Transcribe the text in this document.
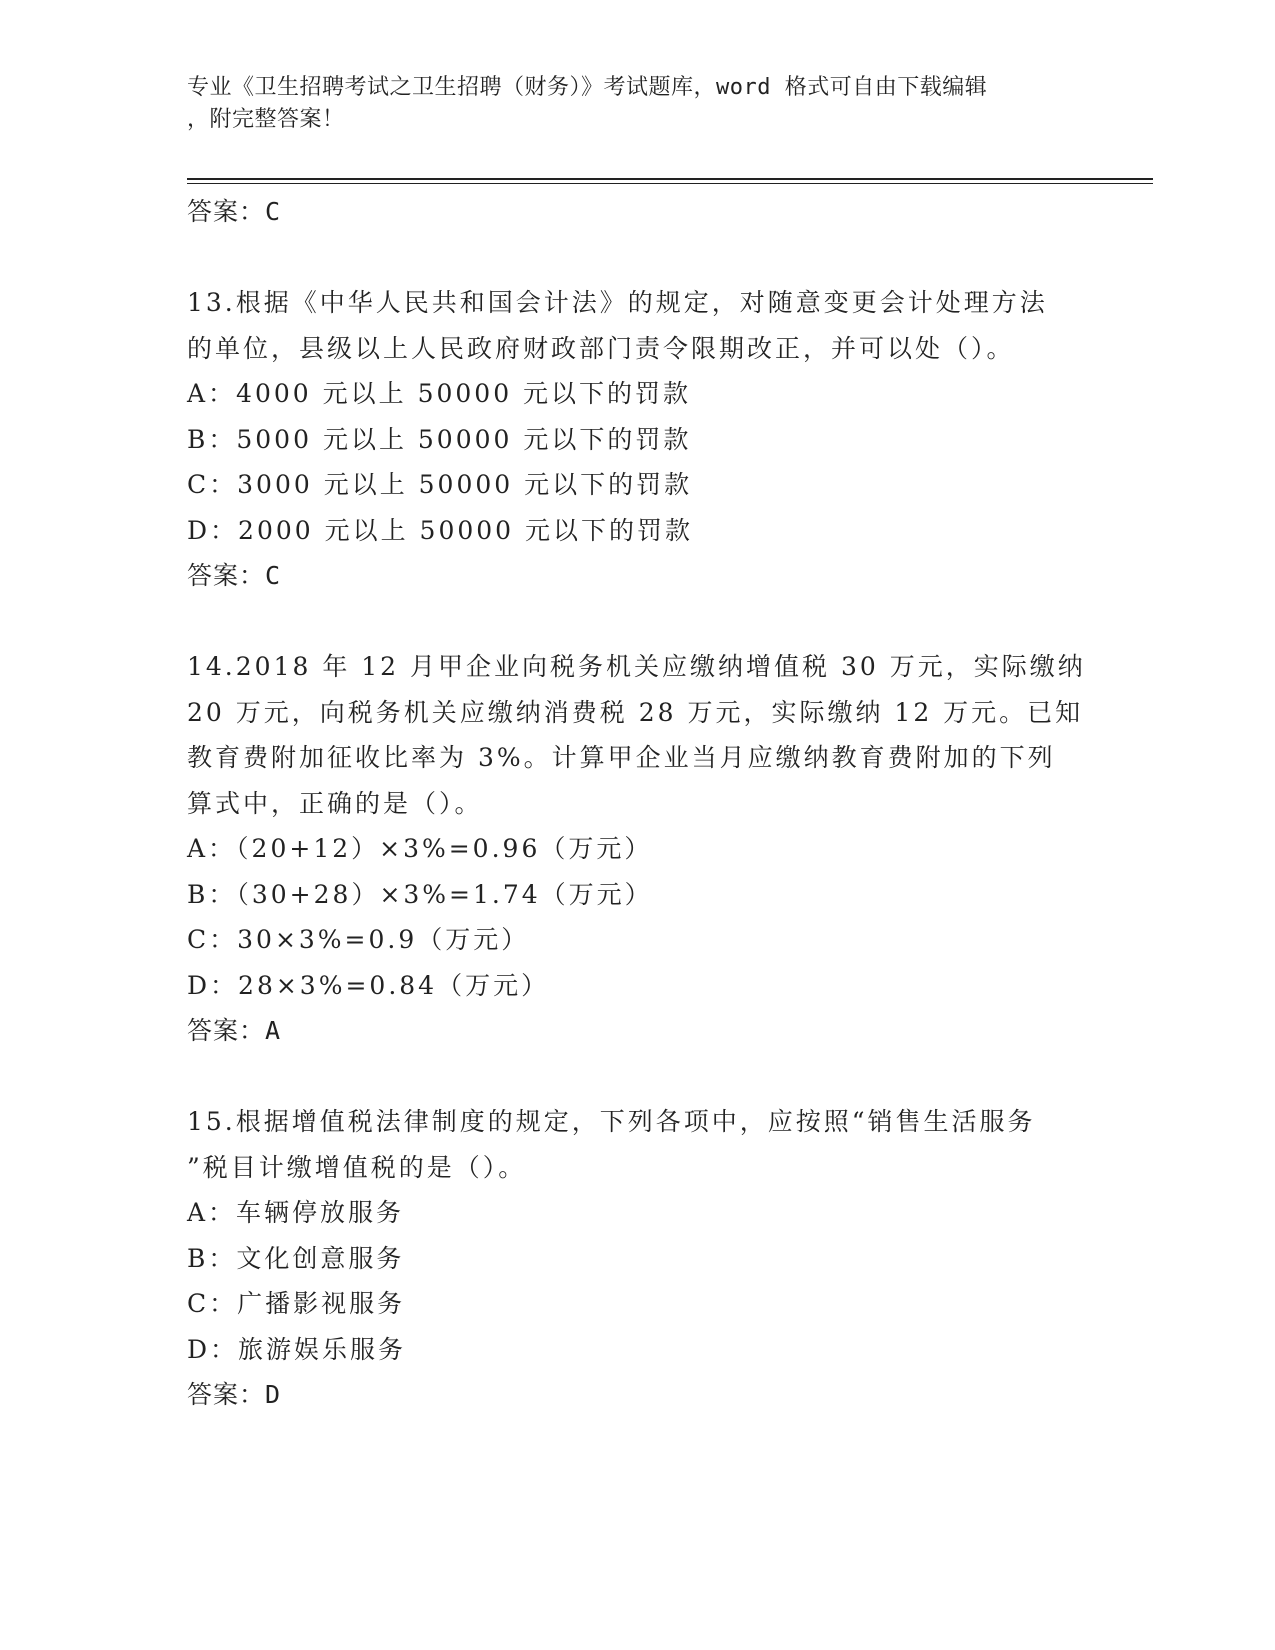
专业《卫生招聘考试之卫生招聘（财务）》考试题库，word 格式可自由下载编辑
，附完整答案！
答案：C
13.根据《中华人民共和国会计法》的规定，对随意变更会计处理方法
的单位，县级以上人民政府财政部门责令限期改正，并可以处（）。
A：4000 元以上 50000 元以下的罚款
B：5000 元以上 50000 元以下的罚款
C：3000 元以上 50000 元以下的罚款
D：2000 元以上 50000 元以下的罚款
答案：C
14.2018 年 12 月甲企业向税务机关应缴纳增值税 30 万元，实际缴纳
20 万元，向税务机关应缴纳消费税 28 万元，实际缴纳 12 万元。已知
教育费附加征收比率为 3%。计算甲企业当月应缴纳教育费附加的下列
算式中，正确的是（）。
A：（20+12）×3%=0.96（万元）
B：（30+28）×3%=1.74（万元）
C：30×3%=0.9（万元）
D：28×3%=0.84（万元）
答案：A
15.根据增值税法律制度的规定，下列各项中，应按照“销售生活服务
”税目计缴增值税的是（）。
A：车辆停放服务
B：文化创意服务
C：广播影视服务
D：旅游娱乐服务
答案：D
